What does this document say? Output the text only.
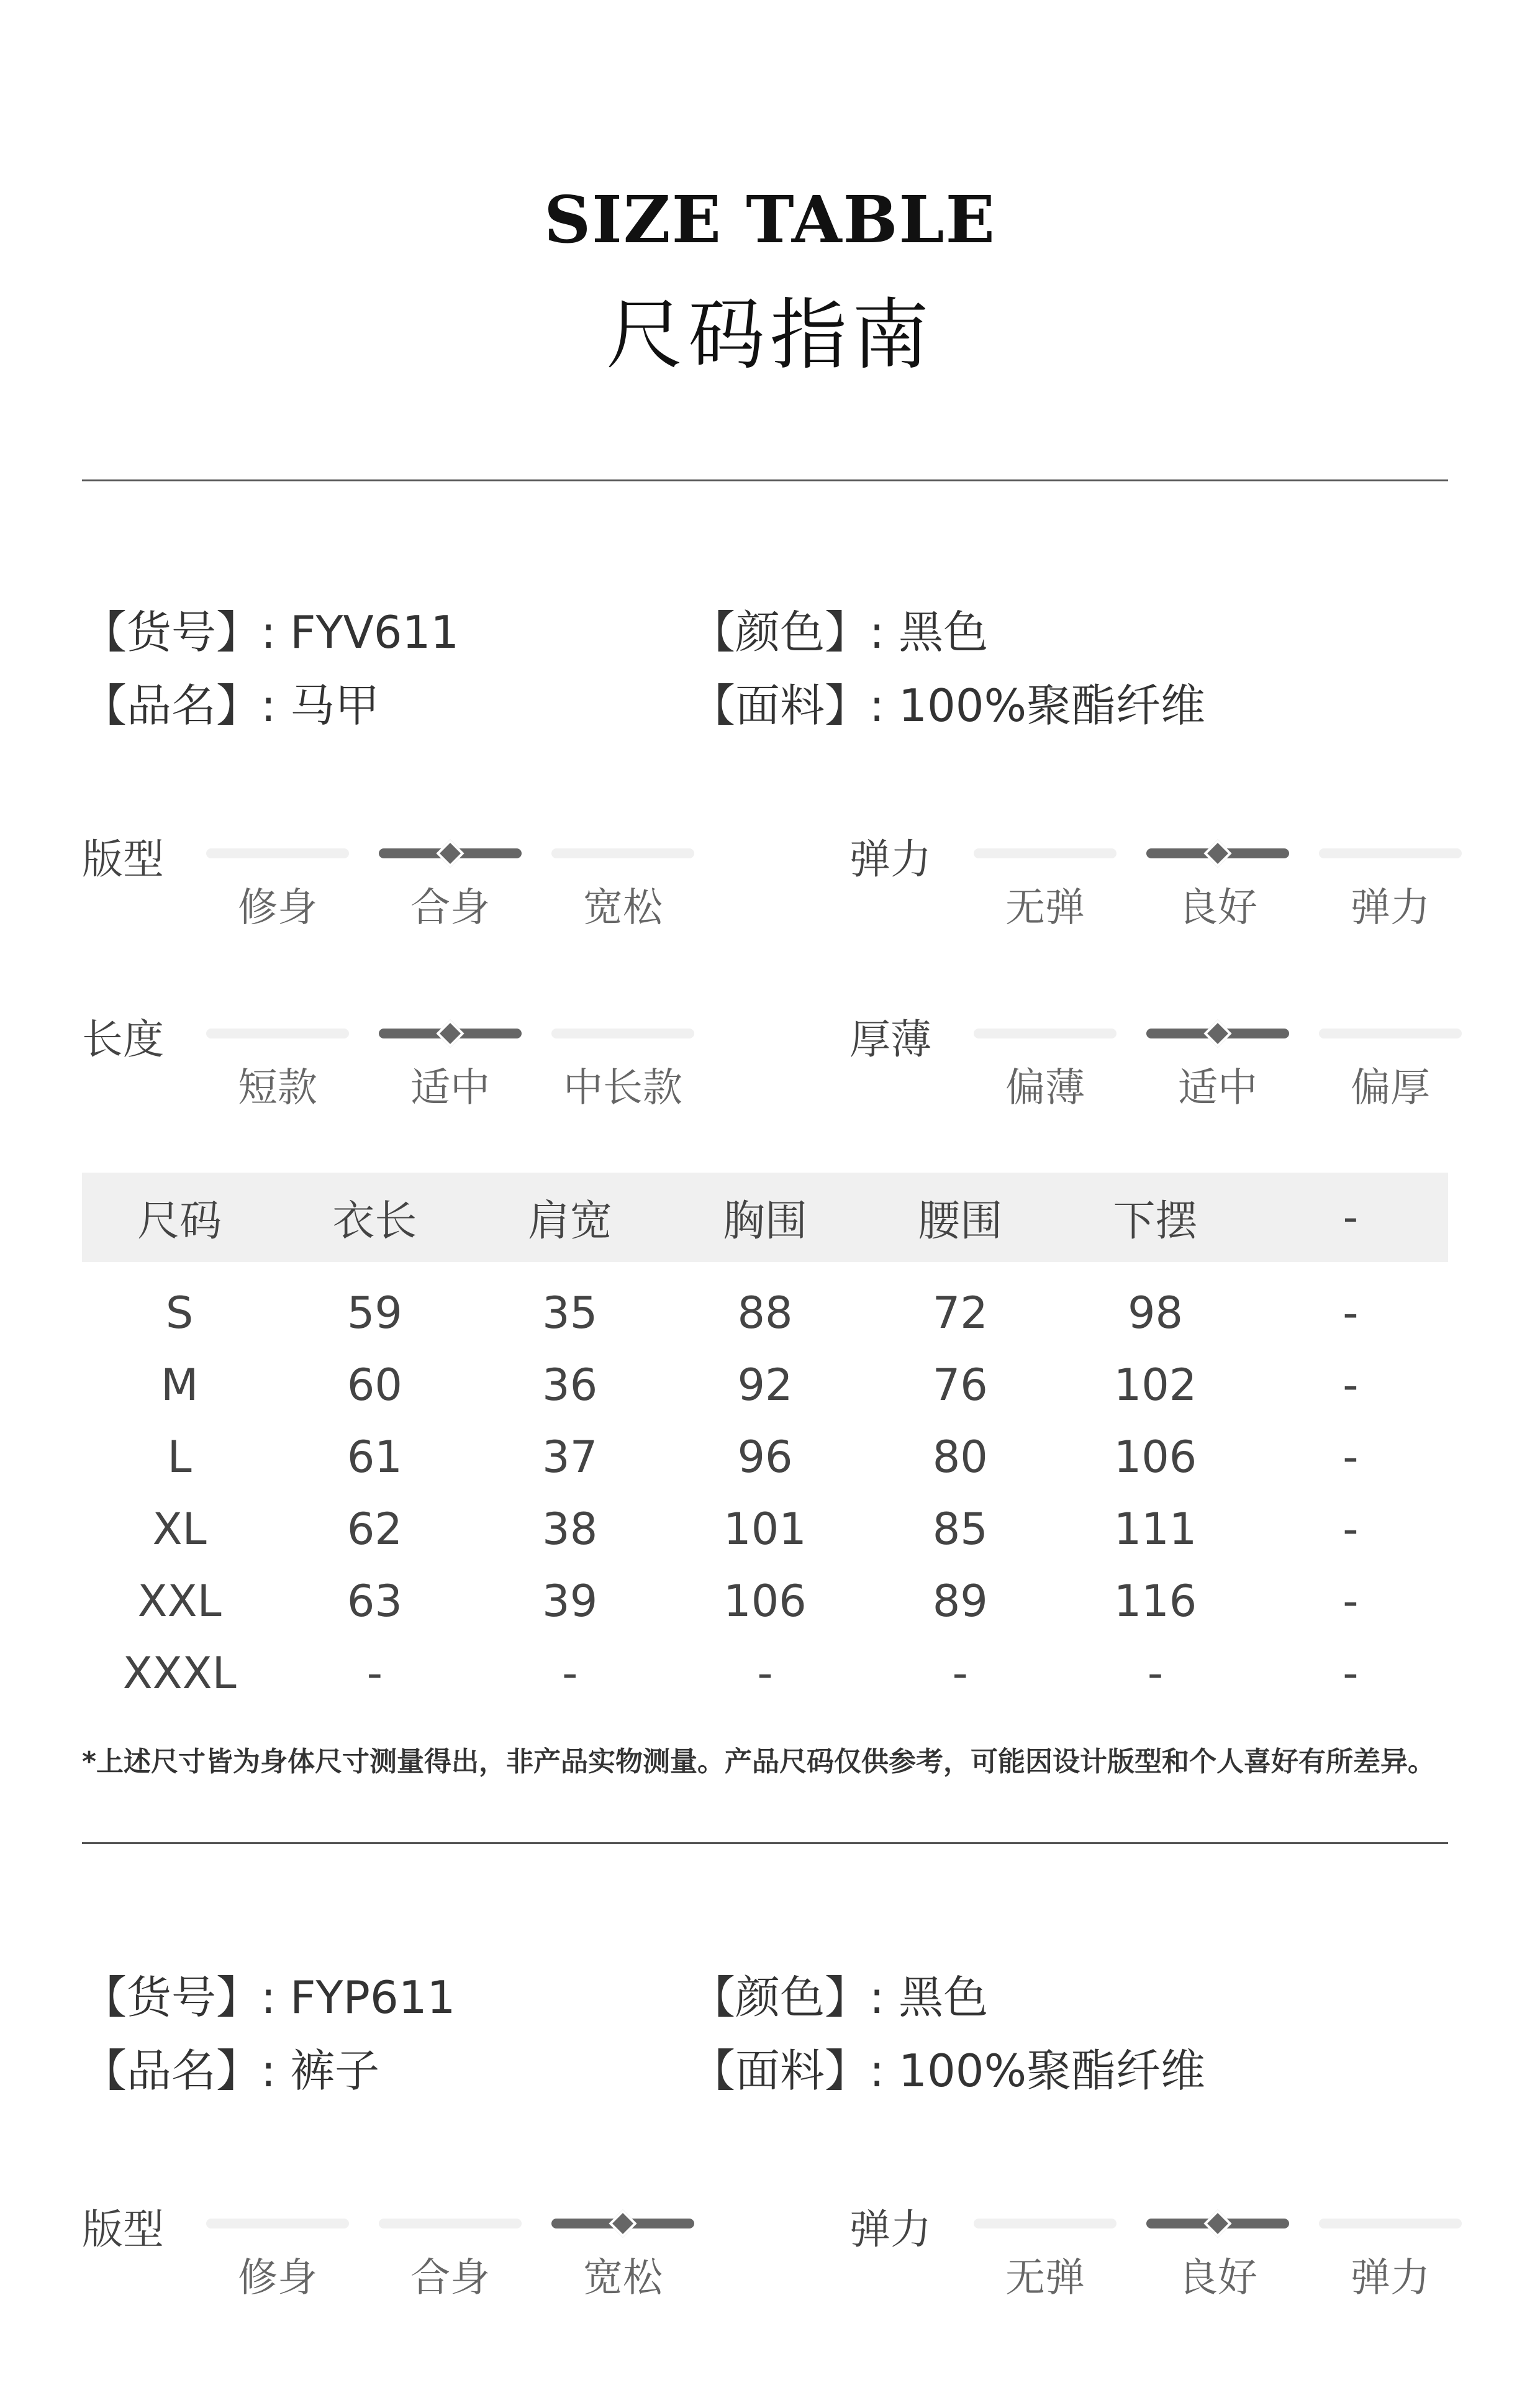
SIZE TABLE
尺码指南
【货号】: FYV611	【颜色】: 黑色
【品名】: 马甲	【面料】: 100%聚酯纤维
版型
修身	合身	宽松
弹力
无弹	良好	弹力
长度
短款	适中	中长款
厚薄
偏薄	适中	偏厚
尺码	衣长	肩宽	胸围	腰围	下摆	-

S	59	35	88	72	98	-
M	60	36	92	76	102	-
L	61	37	96	80	106	-
XL	62	38	101	85	111	-
XXL	63	39	106	89	116	-
XXXL	-	-	-	-	-	-
*上述尺寸皆为身体尺寸测量得出，非产品实物测量。产品尺码仅供参考，可能因设计版型和个人喜好有所差异。
【货号】: FYP611	【颜色】: 黑色
【品名】: 裤子	【面料】: 100%聚酯纤维
版型
修身	合身	宽松
弹力
无弹	良好	弹力
